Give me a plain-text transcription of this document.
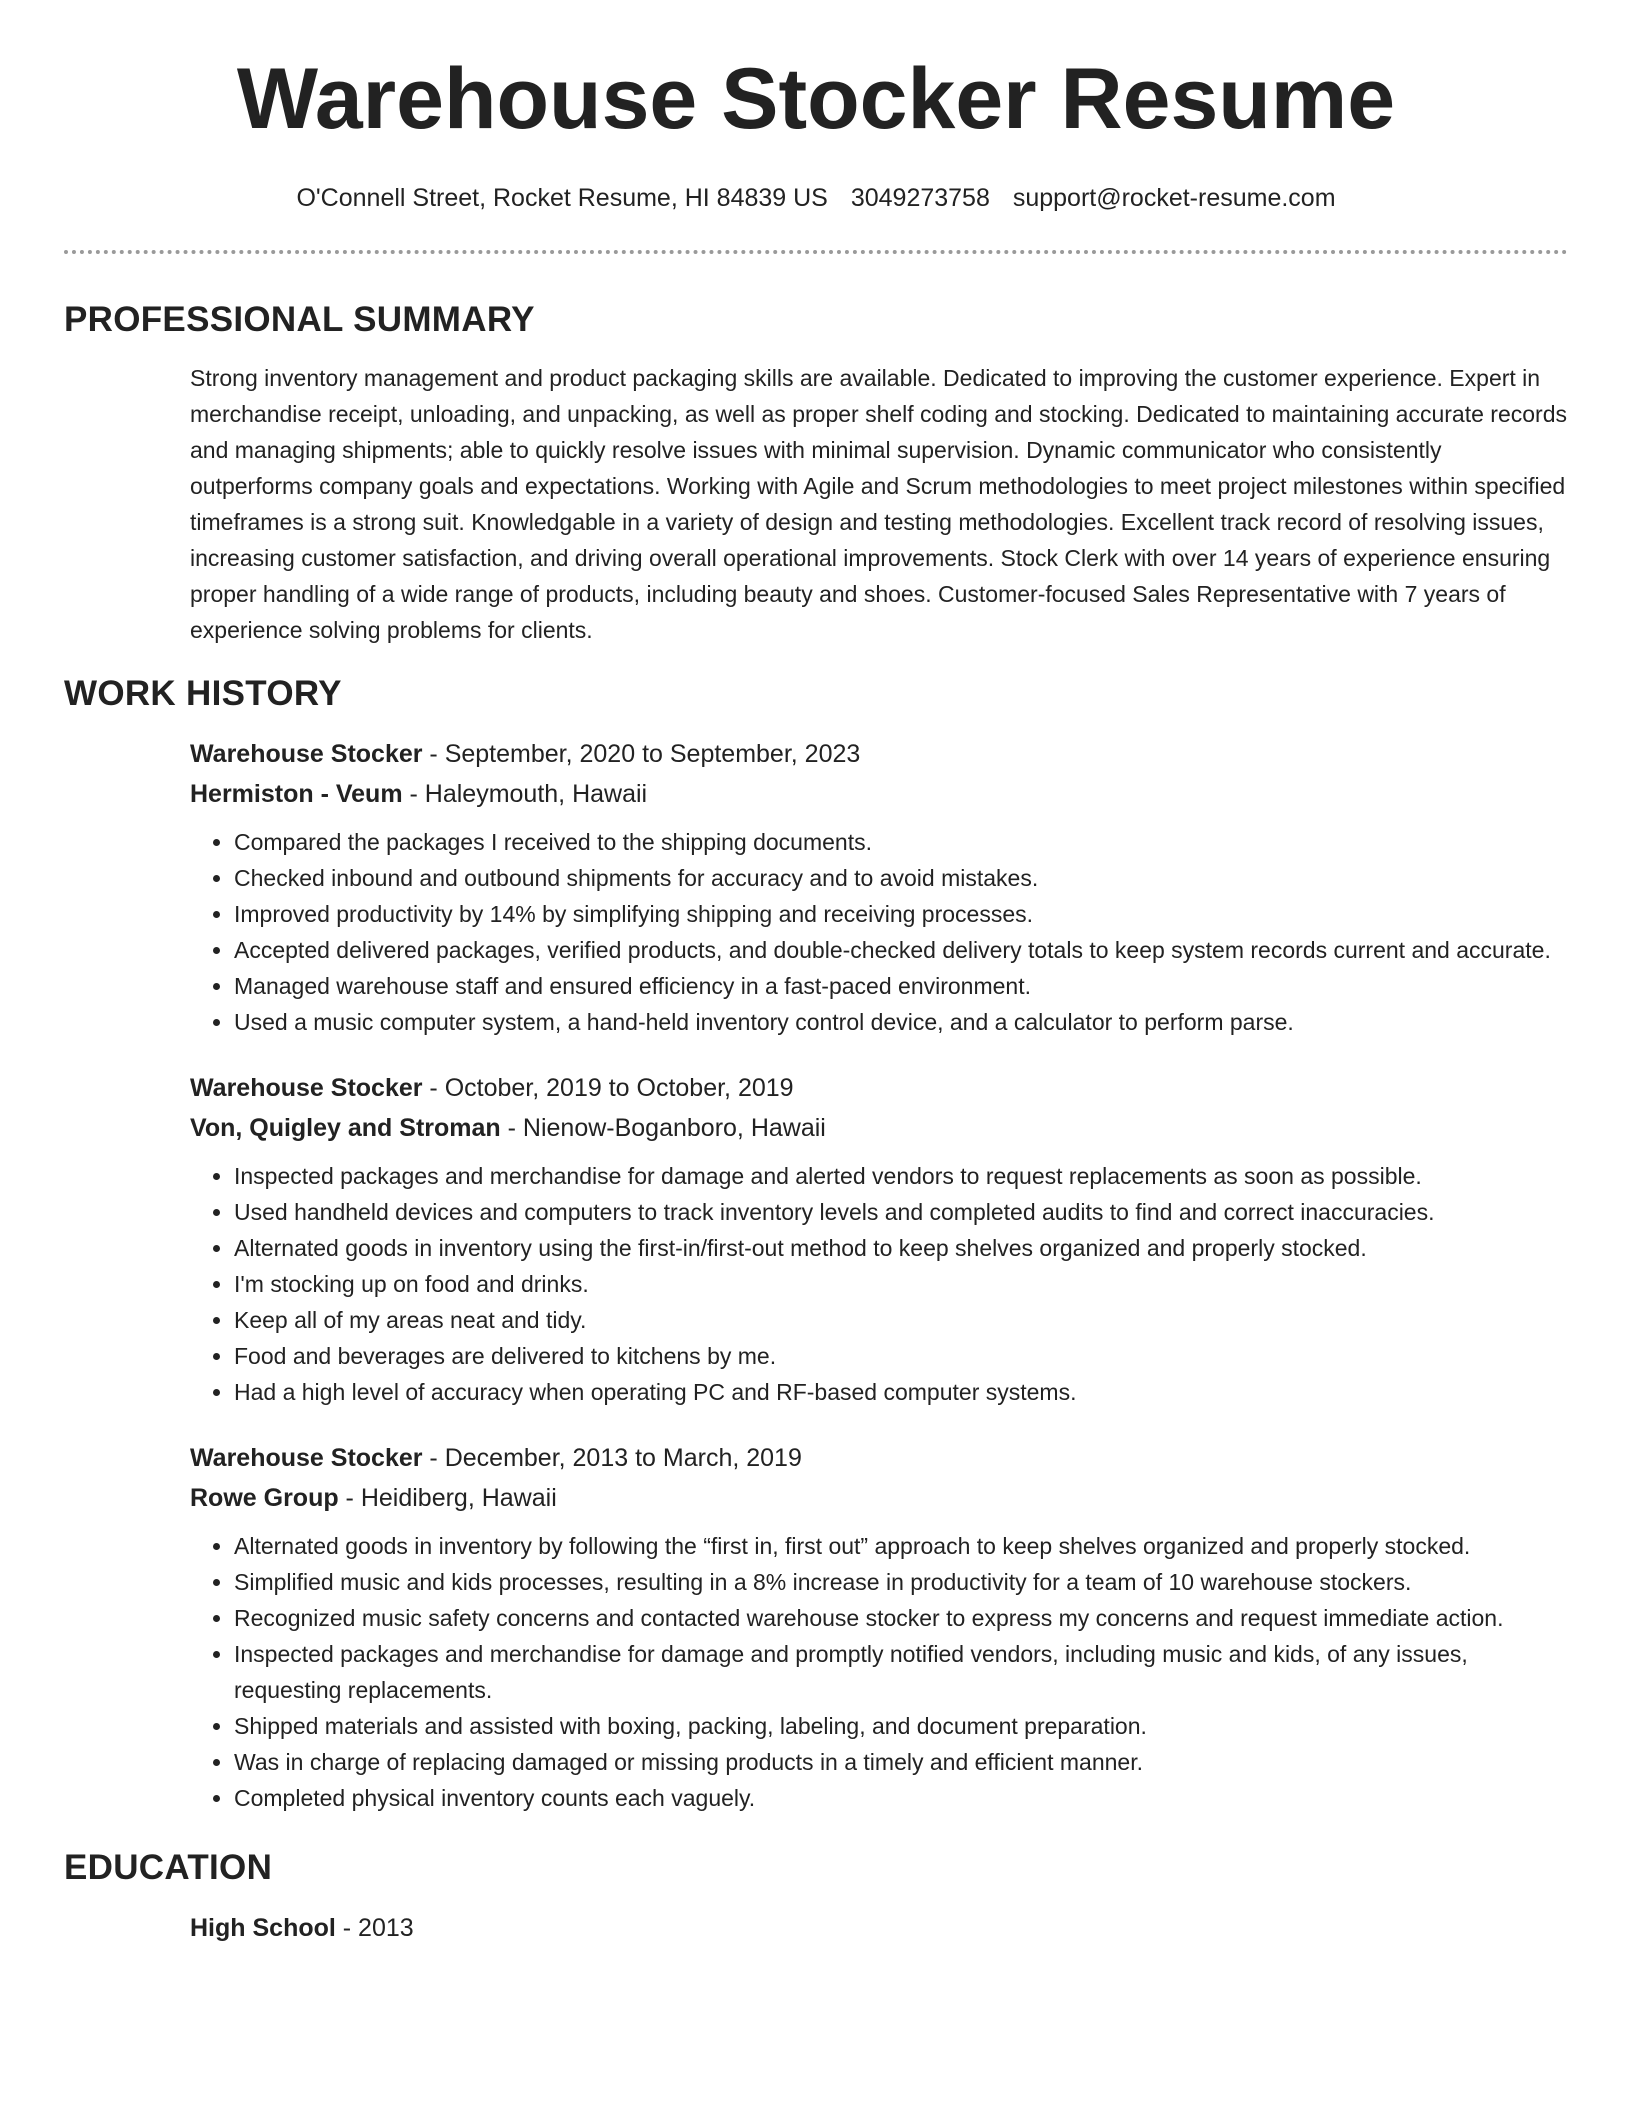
Warehouse Stocker Resume
O'Connell Street, Rocket Resume, HI 84839 US 3049273758 support@rocket-resume.com
PROFESSIONAL SUMMARY

Strong inventory management and product packaging skills are available. Dedicated to improving the customer experience. Expert in merchandise receipt, unloading, and unpacking, as well as proper shelf coding and stocking. Dedicated to maintaining accurate records and managing shipments; able to quickly resolve issues with minimal supervision. Dynamic communicator who consistently outperforms company goals and expectations. Working with Agile and Scrum methodologies to meet project milestones within specified timeframes is a strong suit. Knowledgable in a variety of design and testing methodologies. Excellent track record of resolving issues, increasing customer satisfaction, and driving overall operational improvements. Stock Clerk with over 14 years of experience ensuring proper handling of a wide range of products, including beauty and shoes. Customer-focused Sales Representative with 7 years of experience solving problems for clients.

WORK HISTORY
Warehouse Stocker - September, 2020 to September, 2023
Hermiston - Veum - Haleymouth, Hawaii
• Compared the packages I received to the shipping documents.
• Checked inbound and outbound shipments for accuracy and to avoid mistakes.
• Improved productivity by 14% by simplifying shipping and receiving processes.
• Accepted delivered packages, verified products, and double-checked delivery totals to keep system records current and accurate.
• Managed warehouse staff and ensured efficiency in a fast-paced environment.
• Used a music computer system, a hand-held inventory control device, and a calculator to perform parse.
Warehouse Stocker - October, 2019 to October, 2019
Von, Quigley and Stroman - Nienow-Boganboro, Hawaii
• Inspected packages and merchandise for damage and alerted vendors to request replacements as soon as possible.
• Used handheld devices and computers to track inventory levels and completed audits to find and correct inaccuracies.
• Alternated goods in inventory using the first-in/first-out method to keep shelves organized and properly stocked.
• I'm stocking up on food and drinks.
• Keep all of my areas neat and tidy.
• Food and beverages are delivered to kitchens by me.
• Had a high level of accuracy when operating PC and RF-based computer systems.
Warehouse Stocker - December, 2013 to March, 2019
Rowe Group - Heidiberg, Hawaii
• Alternated goods in inventory by following the “first in, first out” approach to keep shelves organized and properly stocked.
• Simplified music and kids processes, resulting in a 8% increase in productivity for a team of 10 warehouse stockers.
• Recognized music safety concerns and contacted warehouse stocker to express my concerns and request immediate action.
• Inspected packages and merchandise for damage and promptly notified vendors, including music and kids, of any issues, requesting replacements.
• Shipped materials and assisted with boxing, packing, labeling, and document preparation.
• Was in charge of replacing damaged or missing products in a timely and efficient manner.
• Completed physical inventory counts each vaguely.
EDUCATION
High School - 2013
